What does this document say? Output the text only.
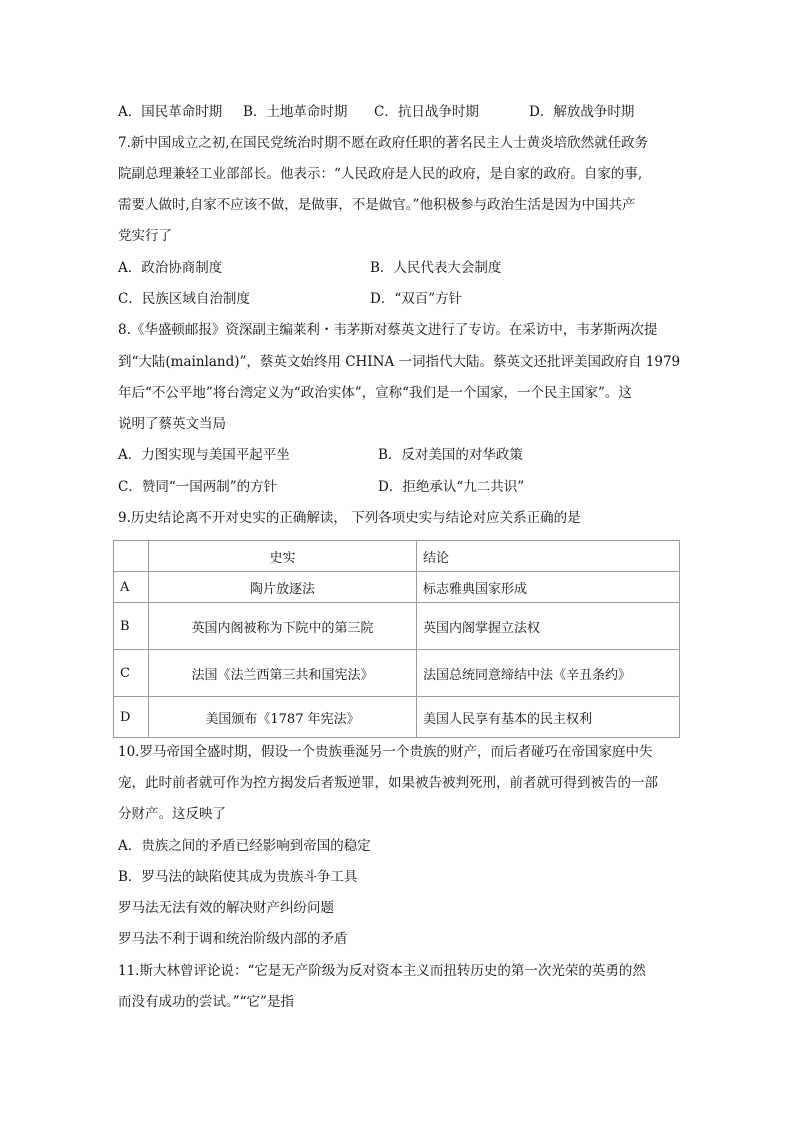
A．国民革命时期 B．土地革命时期 C．抗日战争时期	D．解放战争时期
7.新中国成立之初,在国民党统治时期不愿在政府任职的著名民主人士黄炎培欣然就任政务
院副总理兼轻工业部部长。他表示：“人民政府是人民的政府，是自家的政府。自家的事,
需要人做时,自家不应该不做，是做事，不是做官。”他积极参与政治生活是因为中国共产
党实行了
A．政治协商制度	B．人民代表大会制度
C．民族区域自治制度	D．“双百”方针
8.《华盛顿邮报》资深副主编莱利・韦茅斯对蔡英文进行了专访。在采访中，韦茅斯两次提
到“大陆(mainland)”，蔡英文始终用 CHINA 一词指代大陆。蔡英文还批评美国政府自 1979
年后“不公平地”将台湾定义为“政治实体”，宣称“我们是一个国家，一个民主国家”。这
说明了蔡英文当局
A．力图实现与美国平起平坐	B．反对美国的对华政策
C．赞同“一国两制”的方针	D．拒绝承认“九二共识”
9.历史结论离不开对史实的正确解读， 下列各项史实与结论对应关系正确的是
	史实	结论
A	陶片放逐法	标志雅典国家形成
B	英国内阁被称为下院中的第三院	英国内阁掌握立法权
C	法国《法兰西第三共和国宪法》	法国总统同意缔结中法《辛丑条约》
D	美国颁布《1787 年宪法》	美国人民享有基本的民主权利
10.罗马帝国全盛时期，假设一个贵族垂涎另一个贵族的财产，而后者碰巧在帝国家庭中失
宠，此时前者就可作为控方揭发后者叛逆罪，如果被告被判死刑，前者就可得到被告的一部
分财产。这反映了
A．贵族之间的矛盾已经影响到帝国的稳定
B．罗马法的缺陷使其成为贵族斗争工具
罗马法无法有效的解决财产纠纷问题
罗马法不利于调和统治阶级内部的矛盾
11.斯大林曾评论说：“它是无产阶级为反对资本主义而扭转历史的第一次光荣的英勇的然
而没有成功的尝试。”“它”是指
